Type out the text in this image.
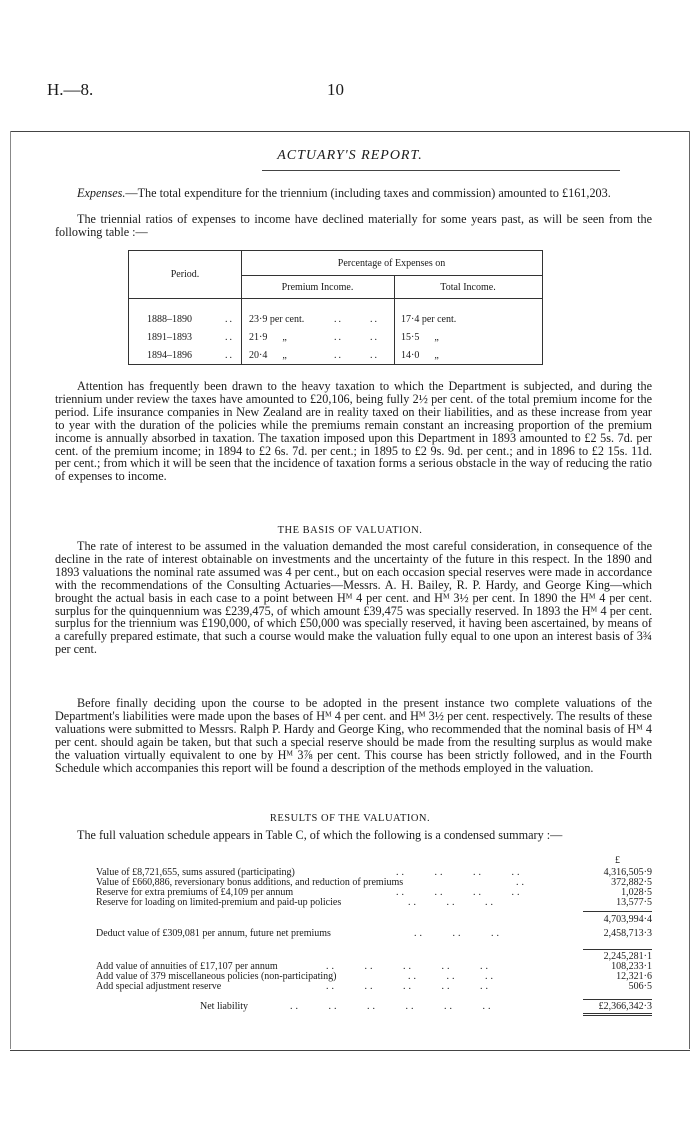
H.—8.	10
ACTUARY'S REPORT.
Expenses.—The total expenditure for the triennium (including taxes and commission) amounted to £161,203.
The triennial ratios of expenses to income have declined materially for some years past, as will be seen from the following table :—
Period.
Percentage of Expenses on
Premium Income.	Total Income.
1888–1890	.. 23·9 per cent.	..      .. 17·4 per cent.
1891–1893	.. 21·9      „	..      .. 15·5      „
1894–1896	.. 20·4      „	..      .. 14·0      „
Attention has frequently been drawn to the heavy taxation to which the Department is subjected, and during the triennium under review the taxes have amounted to £20,106, being fully 2½ per cent. of the total premium income for the period. Life insurance companies in New Zealand are in reality taxed on their liabilities, and as these increase from year to year with the duration of the policies while the premiums remain constant an increasing proportion of the premium income is annually absorbed in taxation. The taxation imposed upon this Department in 1893 amounted to £2 5s. 7d. per cent. of the premium income; in 1894 to £2 6s. 7d. per cent.; in 1895 to £2 9s. 9d. per cent.; and in 1896 to £2 15s. 11d. per cent.; from which it will be seen that the incidence of taxation forms a serious obstacle in the way of reducing the ratio of expenses to income.
THE BASIS OF VALUATION.
The rate of interest to be assumed in the valuation demanded the most careful consideration, in consequence of the decline in the rate of interest obtainable on investments and the uncertainty of the future in this respect. In the 1890 and 1893 valuations the nominal rate assumed was 4 per cent., but on each occasion special reserves were made in accordance with the recommendations of the Consulting Actuaries—Messrs. A. H. Bailey, R. P. Hardy, and George King—which brought the actual basis in each case to a point between Hᴹ 4 per cent. and Hᴹ 3½ per cent. In 1890 the Hᴹ 4 per cent. surplus for the quinquennium was £239,475, of which amount £39,475 was specially reserved. In 1893 the Hᴹ 4 per cent. surplus for the triennium was £190,000, of which £50,000 was specially reserved, it having been ascertained, by means of a carefully prepared estimate, that such a course would make the valuation fully equal to one upon an interest basis of 3¾ per cent.
Before finally deciding upon the course to be adopted in the present instance two complete valuations of the Department's liabilities were made upon the bases of Hᴹ 4 per cent. and Hᴹ 3½ per cent. respectively. The results of these valuations were submitted to Messrs. Ralph P. Hardy and George King, who recommended that the nominal basis of Hᴹ 4 per cent. should again be taken, but that such a special reserve should be made from the resulting surplus as would make the valuation virtually equivalent to one by Hᴹ 3⅞ per cent. This course has been strictly followed, and in the Fourth Schedule which accompanies this report will be found a description of the methods employed in the valuation.
RESULTS OF THE VALUATION.
The full valuation schedule appears in Table C, of which the following is a condensed summary :—
£
Value of £8,721,655, sums assured (participating)	..     ..     ..     ..	4,316,505·9
Value of £660,886, reversionary bonus additions, and reduction of premiums	..	372,882·5
Reserve for extra premiums of £4,109 per annum	..     ..     ..     ..	1,028·5
Reserve for loading on limited-premium and paid-up policies	..     ..     ..	13,577·5
4,703,994·4
Deduct value of £309,081 per annum, future net premiums	..     ..     ..	2,458,713·3
2,245,281·1
Add value of annuities of £17,107 per annum	..     ..     ..     ..     ..	108,233·1
Add value of 379 miscellaneous policies (non-participating)	..     ..     ..	12,321·6
Add special adjustment reserve	..     ..     ..     ..     ..	506·5
Net liability	..     ..     ..     ..     ..     ..	£2,366,342·3
